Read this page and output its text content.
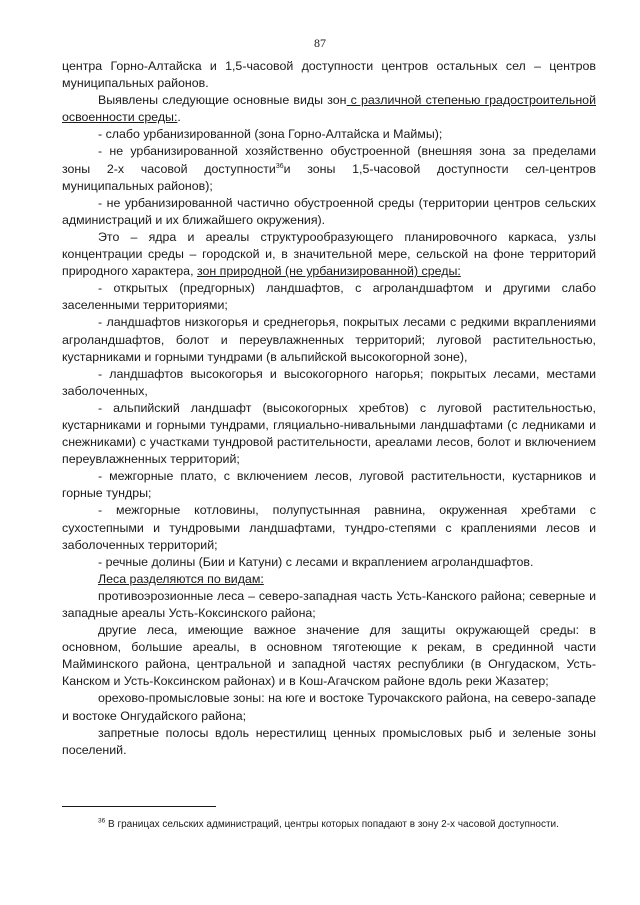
87

центра Горно-Алтайска и 1,5-часовой доступности центров остальных сел – центров муниципальных районов.

Выявлены следующие основные виды зон с различной степенью градостроительной освоенности среды:.

- слабо урбанизированной (зона Горно-Алтайска и Маймы);

- не урбанизированной хозяйственно обустроенной (внешняя зона за пределами зоны 2-х часовой доступности$^{36}$и зоны 1,5-часовой доступности сел-центров муниципальных районов);

- не урбанизированной частично обустроенной среды (территории центров сельских администраций и их ближайшего окружения).

Это – ядра и ареалы структурообразующего планировочного каркаса, узлы концентрации среды – городской и, в значительной мере, сельской на фоне территорий природного характера, зон природной (не урбанизированной) среды:

- открытых (предгорных) ландшафтов, с агроландшафтом и другими слабо заселенными территориями;

- ландшафтов низкогорья и среднегорья, покрытых лесами с редкими вкраплениями агроландшафтов, болот и переувлажненных территорий; луговой растительностью, кустарниками и горными тундрами (в альпийской высокогорной зоне),

- ландшафтов высокогорья и высокогорного нагорья; покрытых лесами, местами заболоченных,

- альпийский ландшафт (высокогорных хребтов) с луговой растительностью, кустарниками и горными тундрами, гляциально-нивальными ландшафтами (с ледниками и снежниками) с участками тундровой растительности, ареалами лесов, болот и включением переувлажненных территорий;

- межгорные плато, с включением лесов, луговой растительности, кустарников и горные тундры;

- межгорные котловины, полупустынная равнина, окруженная хребтами с сухостепными и тундровыми ландшафтами, тундро-степями с краплениями лесов и заболоченных территорий;

- речные долины (Бии и Катуни) с лесами и вкраплением агроландшафтов.

Леса разделяются по видам:

противоэрозионные леса – северо-западная часть Усть-Канского района; северные и западные ареалы Усть-Коксинского района;

другие леса, имеющие важное значение для защиты окружающей среды: в основном, большие ареалы, в основном тяготеющие к рекам, в срединной части Майминского района, центральной и западной частях республики (в Онгудаском, Усть-Канском и Усть-Коксинском районах) и в Кош-Агачском районе вдоль реки Жазатер;

орехово-промысловые зоны: на юге и востоке Турочакского района, на северо-западе и востоке Онгудайского района;

запретные полосы вдоль нерестилищ ценных промысловых рыб и зеленые зоны поселений.

$^{36}$ В границах сельских администраций, центры которых попадают в зону 2-х часовой доступности.
